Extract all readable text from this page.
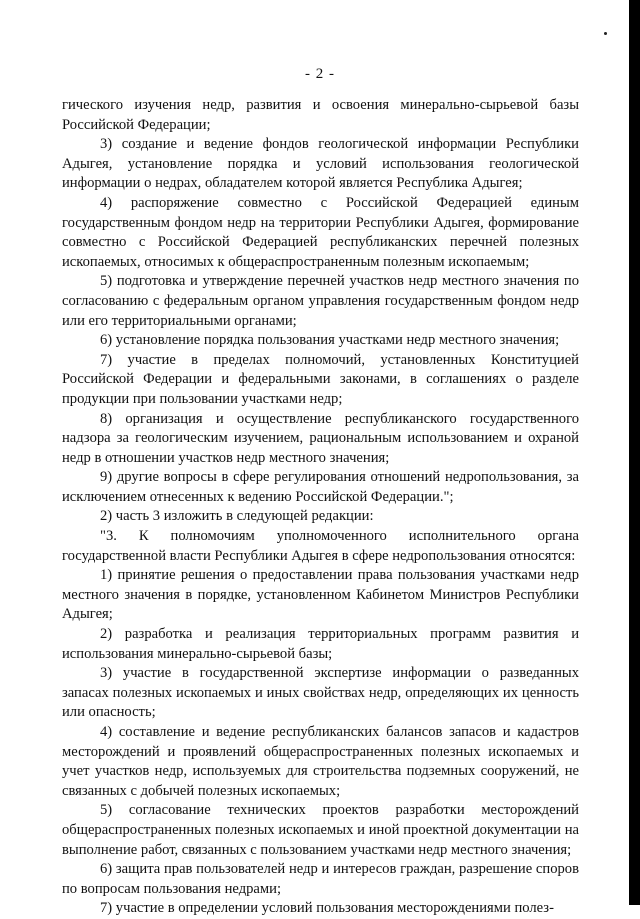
- 2 -

гического изучения недр, развития и освоения минерально-сырьевой базы Российской Федерации;

3) создание и ведение фондов геологической информации Республики Адыгея, установление порядка и условий использования геологической информации о недрах, обладателем которой является Республика Адыгея;

4) распоряжение совместно с Российской Федерацией единым государственным фондом недр на территории Республики Адыгея, формирование совместно с Российской Федерацией республиканских перечней полезных ископаемых, относимых к общераспространенным полезным ископаемым;

5) подготовка и утверждение перечней участков недр местного значения по согласованию с федеральным органом управления государственным фондом недр или его территориальными органами;

6) установление порядка пользования участками недр местного значения;

7) участие в пределах полномочий, установленных Конституцией Российской Федерации и федеральными законами, в соглашениях о разделе продукции при пользовании участками недр;

8) организация и осуществление республиканского государственного надзора за геологическим изучением, рациональным использованием и охраной недр в отношении участков недр местного значения;

9) другие вопросы в сфере регулирования отношений недропользования, за исключением отнесенных к ведению Российской Федерации.";

2) часть 3 изложить в следующей редакции:

"3. К полномочиям уполномоченного исполнительного органа государственной власти Республики Адыгея в сфере недропользования относятся:

1) принятие решения о предоставлении права пользования участками недр местного значения в порядке, установленном Кабинетом Министров Республики Адыгея;

2) разработка и реализация территориальных программ развития и использования минерально-сырьевой базы;

3) участие в государственной экспертизе информации о разведанных запасах полезных ископаемых и иных свойствах недр, определяющих их ценность или опасность;

4) составление и ведение республиканских балансов запасов и кадастров месторождений и проявлений общераспространенных полезных ископаемых и учет участков недр, используемых для строительства подземных сооружений, не связанных с добычей полезных ископаемых;

5) согласование технических проектов разработки месторождений общераспространенных полезных ископаемых и иной проектной документации на выполнение работ, связанных с пользованием участками недр местного значения;

6) защита прав пользователей недр и интересов граждан, разрешение споров по вопросам пользования недрами;

7) участие в определении условий пользования месторождениями полез-
